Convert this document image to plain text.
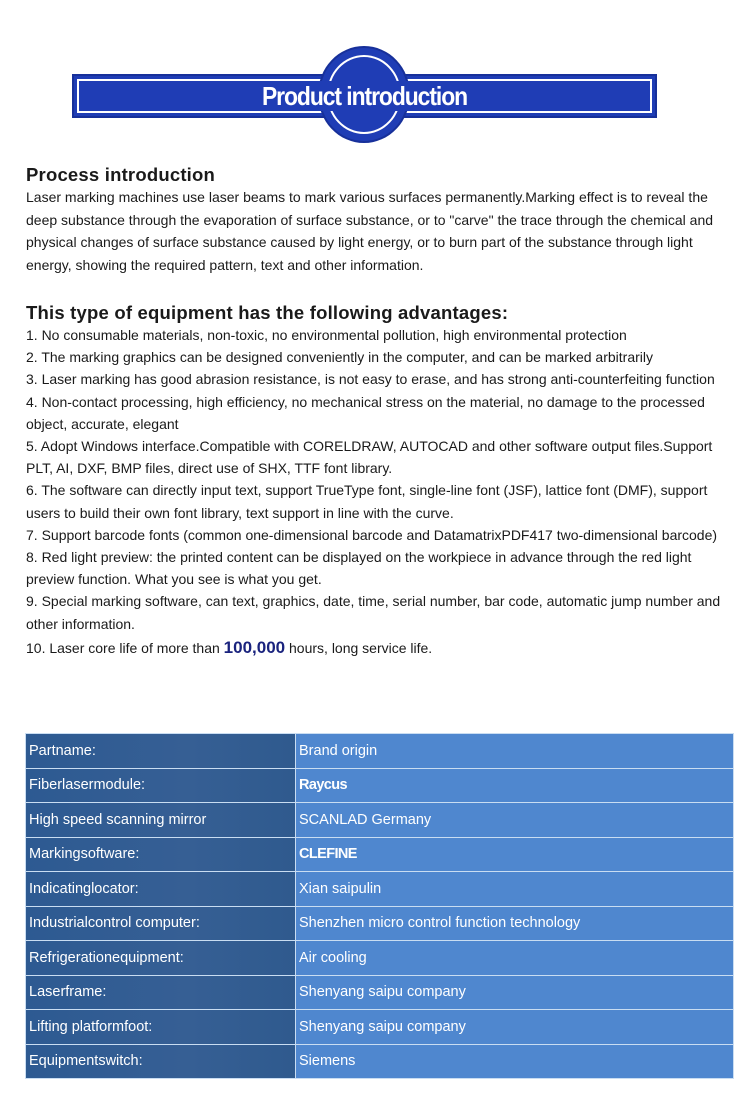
Product introduction
Process introduction

Laser marking machines use laser beams to mark various surfaces permanently.Marking effect is to reveal the deep substance through the evaporation of surface substance, or to "carve" the trace through the chemical and physical changes of surface substance caused by light energy, or to burn part of the substance through light energy, showing the required pattern, text and other information.

This type of equipment has the following advantages:
1. No consumable materials, non-toxic, no environmental pollution, high environmental protection
2. The marking graphics can be designed conveniently in the computer, and can be marked arbitrarily
3. Laser marking has good abrasion resistance, is not easy to erase, and has strong anti-counterfeiting function
4. Non-contact processing, high efficiency, no mechanical stress on the material, no damage to the processed object, accurate, elegant
5. Adopt Windows interface.Compatible with CORELDRAW, AUTOCAD and other software output files.Support PLT, AI, DXF, BMP files, direct use of SHX, TTF font library.
6. The software can directly input text, support TrueType font, single-line font (JSF), lattice font (DMF), support users to build their own font library, text support in line with the curve.
7. Support barcode fonts (common one-dimensional barcode and DatamatrixPDF417 two-dimensional barcode)
8. Red light preview: the printed content can be displayed on the workpiece in advance through the red light preview function. What you see is what you get.
9. Special marking software, can text, graphics, date, time, serial number, bar code, automatic jump number and other information.
10. Laser core life of more than 100,000 hours, long service life.
Partname:	Brand origin
Fiberlasermodule:	Raycus
High speed scanning mirror	SCANLAD Germany
Markingsoftware:	CLEFINE
Indicatinglocator:	Xian saipulin
Industrialcontrol computer:	Shenzhen micro control function technology
Refrigerationequipment:	Air cooling
Laserframe:	Shenyang saipu company
Lifting platformfoot:	Shenyang saipu company
Equipmentswitch:	Siemens
